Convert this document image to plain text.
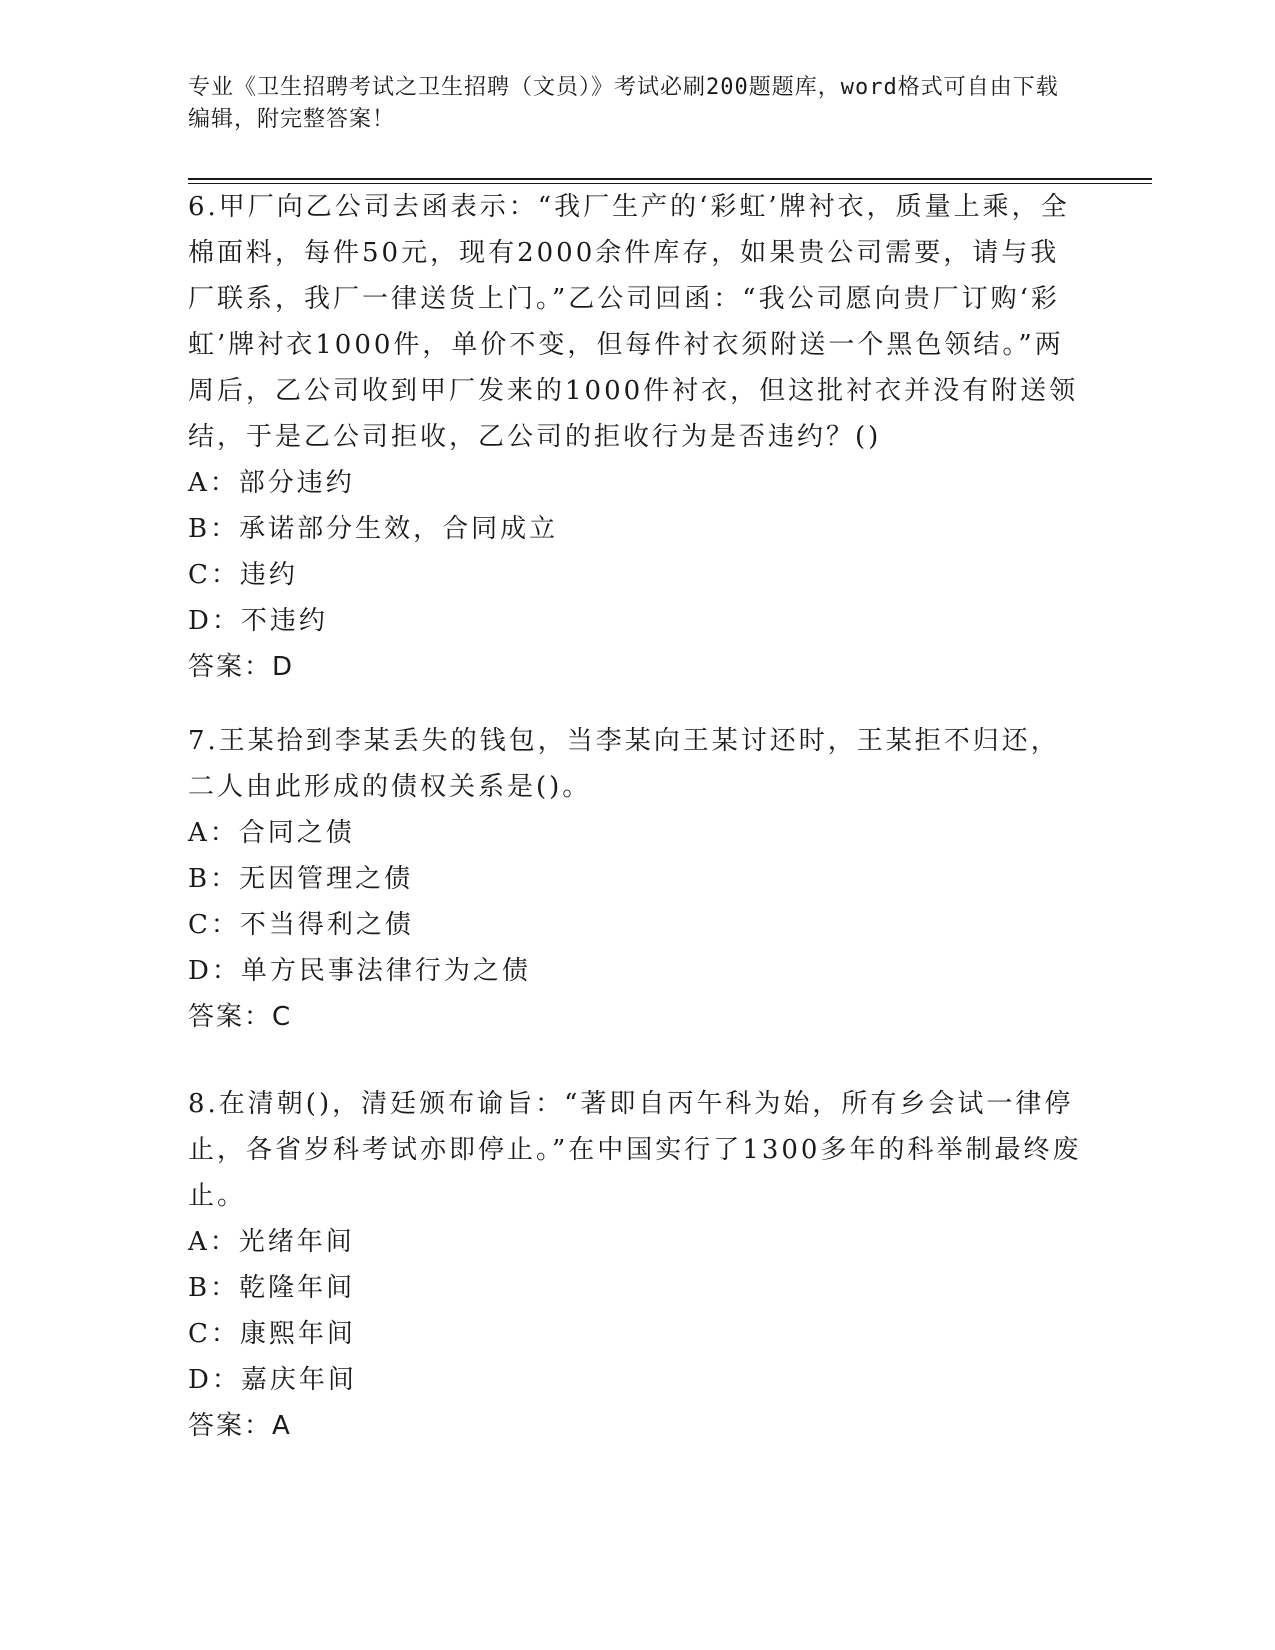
专业《卫生招聘考试之卫生招聘（文员）》考试必刷200题题库，word格式可自由下载编辑，附完整答案！

6.甲厂向乙公司去函表示：“我厂生产的‘彩虹’牌衬衣，质量上乘，全棉面料，每件50元，现有2000余件库存，如果贵公司需要，请与我厂联系，我厂一律送货上门。”乙公司回函：“我公司愿向贵厂订购‘彩虹’牌衬衣1000件，单价不变，但每件衬衣须附送一个黑色领结。”两周后，乙公司收到甲厂发来的1000件衬衣，但这批衬衣并没有附送领结，于是乙公司拒收，乙公司的拒收行为是否违约？()

A：部分违约

B：承诺部分生效，合同成立

C：违约

D：不违约

答案：D

7.王某拾到李某丢失的钱包，当李某向王某讨还时，王某拒不归还，二人由此形成的债权关系是()。

A：合同之债

B：无因管理之债

C：不当得利之债

D：单方民事法律行为之债

答案：C

8.在清朝()，清廷颁布谕旨：“著即自丙午科为始，所有乡会试一律停止，各省岁科考试亦即停止。”在中国实行了1300多年的科举制最终废止。

A：光绪年间

B：乾隆年间

C：康熙年间

D：嘉庆年间

答案：A
